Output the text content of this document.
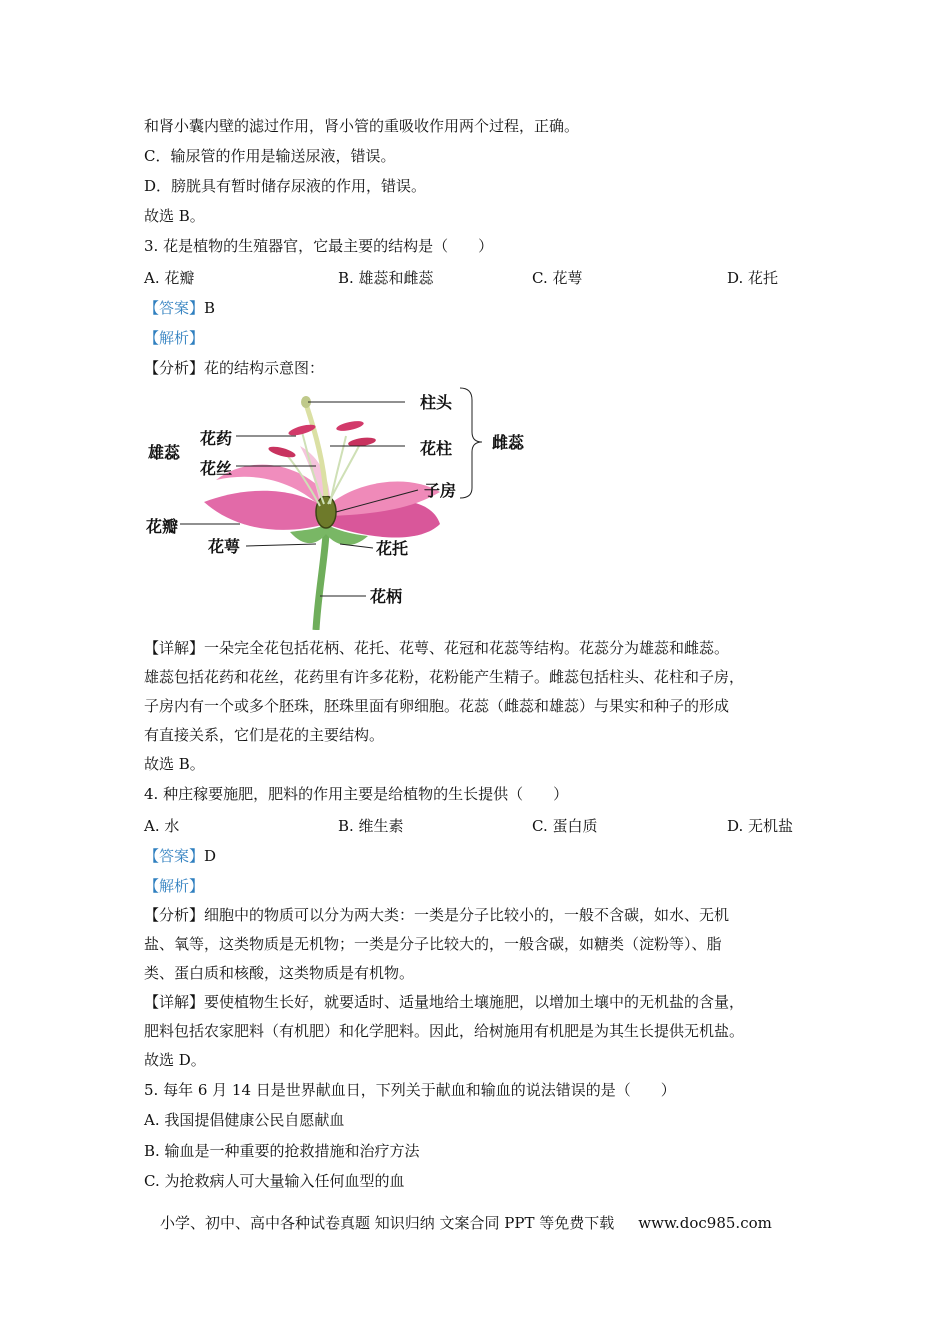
和肾小囊内壁的滤过作用，肾小管的重吸收作用两个过程，正确。
C．输尿管的作用是输送尿液，错误。
D．膀胱具有暂时储存尿液的作用，错误。
故选 B。
3. 花是植物的生殖器官，它最主要的结构是（　　）
A. 花瓣	B. 雄蕊和雌蕊	C. 花萼	D. 花托
【答案】B
【解析】
【分析】花的结构示意图：
雄蕊
花药
花丝
花瓣
花萼
柱头
花柱
子房
雌蕊
花托
花柄
【详解】一朵完全花包括花柄、花托、花萼、花冠和花蕊等结构。花蕊分为雄蕊和雌蕊。
雄蕊包括花药和花丝，花药里有许多花粉，花粉能产生精子。雌蕊包括柱头、花柱和子房，
子房内有一个或多个胚珠，胚珠里面有卵细胞。花蕊（雌蕊和雄蕊）与果实和种子的形成
有直接关系，它们是花的主要结构。
故选 B。
4. 种庄稼要施肥，肥料的作用主要是给植物的生长提供（　　）
A. 水	B. 维生素	C. 蛋白质	D. 无机盐
【答案】D
【解析】
【分析】细胞中的物质可以分为两大类：一类是分子比较小的，一般不含碳，如水、无机
盐、氧等，这类物质是无机物；一类是分子比较大的，一般含碳，如糖类（淀粉等）、脂
类、蛋白质和核酸，这类物质是有机物。
【详解】要使植物生长好，就要适时、适量地给土壤施肥，以增加土壤中的无机盐的含量，
肥料包括农家肥料（有机肥）和化学肥料。因此，给树施用有机肥是为其生长提供无机盐。
故选 D。
5. 每年 6 月 14 日是世界献血日，下列关于献血和输血的说法错误的是（　　）
A. 我国提倡健康公民自愿献血
B. 输血是一种重要的抢救措施和治疗方法
C. 为抢救病人可大量输入任何血型的血
小学、初中、高中各种试卷真题 知识归纳 文案合同 PPT 等免费下载 www.doc985.com
